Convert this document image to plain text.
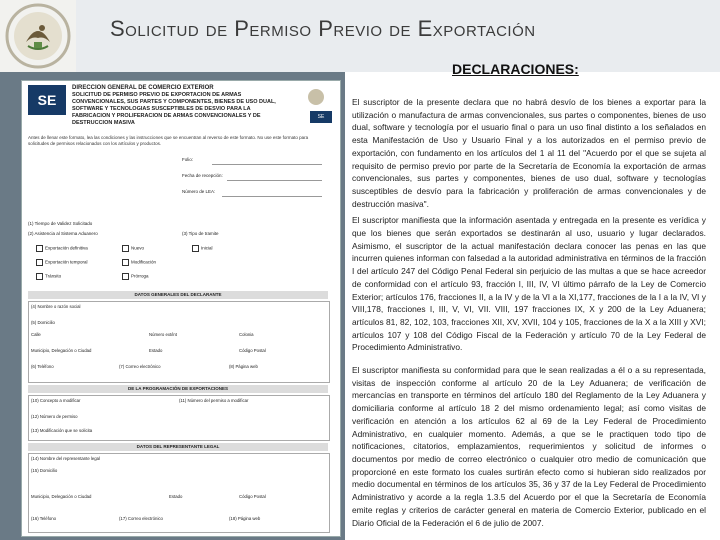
Solicitud de Permiso Previo de Exportación
DECLARACIONES:
SE
DIRECCION GENERAL DE COMERCIO EXTERIOR
SOLICITUD DE PERMISO PREVIO DE EXPORTACION DE ARMAS CONVENCIONALES, SUS PARTES Y COMPONENTES, BIENES DE USO DUAL, SOFTWARE Y TECNOLOGIAS SUSCEPTIBLES DE DESVIO PARA LA FABRICACION Y PROLIFERACION DE ARMAS CONVENCIONALES Y DE DESTRUCCION MASIVA
SE
Antes de llenar este formato, lea las condiciones y las instrucciones que se encuentran al reverso de este formato. No use este formato para solicitudes de permisos relacionados con los artículos y productos.
Folio:
Fecha de recepción:
Número de LEA:
(1) Tiempo de Validez Solicitado
(2) Asistencia al Sistema Aduanero	(3) Tipo de tramite
Exportación definitiva
Exportación temporal
Tránsito
Nuevo
Modificación
Prórroga
Inicial
DATOS GENERALES DEL DECLARANTE
(4) Nombre o razón social
(5) Domicilio
Calle	Número ext/int	Colonia
Municipio, Delegación o Ciudad	Estado	Código Postal
(6) Teléfono	(7) Correo electrónico	(8) Página web
DE LA PROGRAMACIÓN DE EXPORTACIONES
(10) Concepto a modificar	(11) Número del permiso a modificar
(12) Número de permiso
(13) Modificación que se solicita
DATOS DEL REPRESENTANTE LEGAL
(14) Nombre del representante legal
(15) Domicilio
Municipio, Delegación o Ciudad	Estado	Código Postal
(16) Teléfono	(17) Correo electrónico	(18) Página web

El suscriptor de la presente declara que no habrá desvío de los bienes a exportar para la utilización o manufactura de armas convencionales, sus partes o componentes, bienes de uso dual, software y tecnología por el usuario final o para un uso final distinto a los señalados en esta Manifestación de Uso y Usuario Final y a los autorizados en el permiso previo de exportación, con fundamento en los artículos del 1 al 11 del "Acuerdo por el que se sujeta al requisito de permiso previo por parte de la Secretaría de Economía la exportación de armas convencionales, sus partes y componentes, bienes de uso dual, software y tecnologías susceptibles de desvío para la fabricación y proliferación de armas convencionales y de destrucción masiva".

El suscriptor manifiesta que la información asentada y entregada en la presente es verídica y que los bienes que serán exportados se destinarán al uso, usuario y lugar declarados. Asimismo, el suscriptor de la actual manifestación declara conocer las penas en las que incurren quienes informan con falsedad a la autoridad administrativa en términos de la fracción I del artículo 247 del Código Penal Federal sin perjuicio de las multas a que se hace acreedor de conformidad con el artículo 93, fracción I, III, IV, VI último párrafo de la Ley de Comercio Exterior; artículos 176, fracciones II, a la IV y de la VI a la XI,177, fracciones de la I a la IV, VI y VIII,178, fracciones I, III, V, VI, VII. VIII, 197 fracciones IX, X y 200 de la Ley Aduanera; artículos 81, 82, 102, 103, fracciones XII, XV, XVII, 104 y 105, fracciones de la X a la XIII y XVI; artículos 107 y 108 del Código Fiscal de la Federación y artículo 70 de la Ley Federal de Procedimiento Administrativo.

El suscriptor manifiesta su conformidad para que le sean realizadas a él o a su representada, visitas de inspección conforme al artículo 20 de la Ley Aduanera; de verificación de mercancías en transporte en términos del artículo 180 del Reglamento de la Ley Aduanera y domiciliaria conforme al artículo 18 2 del mismo ordenamiento legal; así como visitas de verificación en atención a los artículos 62 al 69 de la Ley Federal de Procedimiento Administrativo, en cualquier momento. Además, a que se le practiquen todo tipo de notificaciones, citatorios, emplazamientos, requerimientos y solicitud de informes o documentos por medio de correo electrónico o cualquier otro medio de comunicación que proporcioné en este formato los cuales surtirán efecto como si hubieran sido realizados por medio documental en términos de los artículos 35, 36 y 37 de la Ley Federal de Procedimiento Administrativo y acorde a la regla 1.3.5 del Acuerdo por el que la Secretaría de Economía emite reglas y criterios de carácter general en materia de Comercio Exterior, publicado en el Diario Oficial de la Federación el 6 de julio de 2007.
